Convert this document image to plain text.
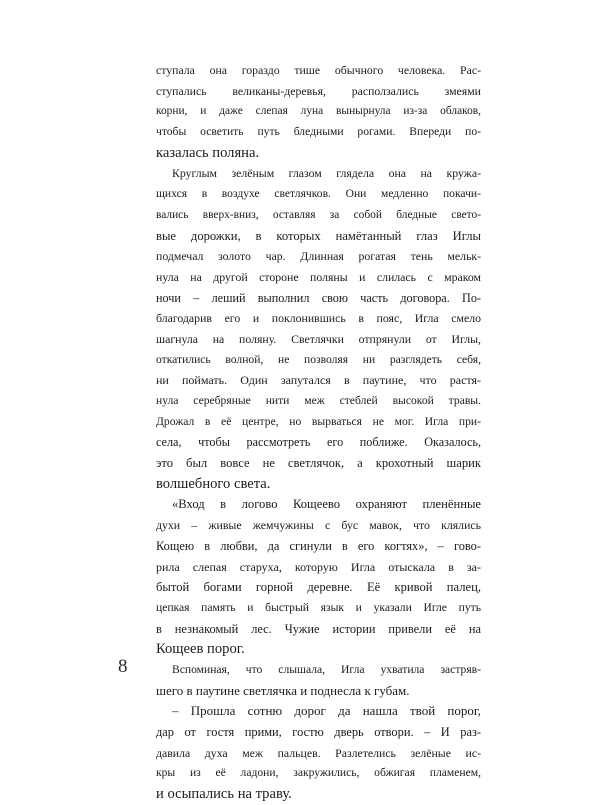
ступала она гораздо тише обычного человека. Рас-
ступались великаны-деревья, расползались змеями
корни, и даже слепая луна вынырнула из-за облаков,
чтобы осветить путь бледными рогами. Впереди по-
казалась поляна.
Круглым зелёным глазом глядела она на кружа-
щихся в воздухе светлячков. Они медленно покачи-
вались вверх-вниз, оставляя за собой бледные свето-
вые дорожки, в которых намётанный глаз Иглы
подмечал золото чар. Длинная рогатая тень мельк-
нула на другой стороне поляны и слилась с мраком
ночи – леший выполнил свою часть договора. По-
благодарив его и поклонившись в пояс, Игла смело
шагнула на поляну. Светлячки отпрянули от Иглы,
откатились волной, не позволяя ни разглядеть себя,
ни поймать. Один запутался в паутине, что растя-
нула серебряные нити меж стеблей высокой травы.
Дрожал в её центре, но вырваться не мог. Игла при-
села, чтобы рассмотреть его поближе. Оказалось,
это был вовсе не светлячок, а крохотный шарик
волшебного света.
«Вход в логово Кощеево охраняют пленённые
духи – живые жемчужины с бус мавок, что клялись
Кощею в любви, да сгинули в его когтях», – гово-
рила слепая старуха, которую Игла отыскала в за-
бытой богами горной деревне. Её кривой палец,
цепкая память и быстрый язык и указали Игле путь
в незнакомый лес. Чужие истории привели её на
Кощеев порог.
Вспоминая, что слышала, Игла ухватила застряв-
шего в паутине светлячка и поднесла к губам.
– Прошла сотню дорог да нашла твой порог,
дар от гостя прими, гостю дверь отвори. – И раз-
давила духа меж пальцев. Разлетелись зелёные ис-
кры из её ладони, закружились, обжигая пламенем,
и осыпались на траву.
8
